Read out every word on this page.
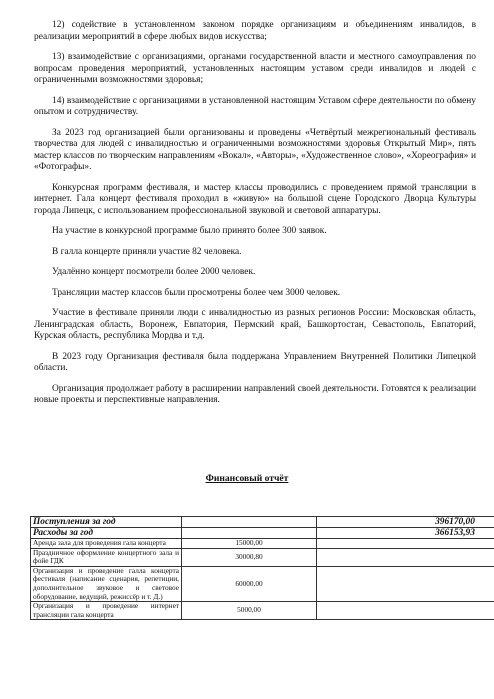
12) содействие в установленном законом порядке организациям и объединениям инвалидов, в реализации мероприятий в сфере любых видов искусства;

13) взаимодействие с организациями, органами государственной власти и местного самоуправления по вопросам проведения мероприятий, установленных настоящим уставом среди инвалидов и людей с ограниченными возможностями здоровья;

14) взаимодействие с организациями в установленной настоящим Уставом сфере деятельности по обмену опытом и сотрудничеству.

За 2023 год организацией были организованы и проведены «Четвёртый межрегиональный фестиваль творчества для людей с инвалидностью и ограниченными возможностями здоровья Открытый Мир», пять мастер классов по творческим направлениям «Вокал», «Авторы», «Художественное слово», «Хореография» и «Фотографы».

Конкурсная программ фестиваля, и мастер классы проводились с проведением прямой трансляции в интернет. Гала концерт фестиваля проходил в «живую» на большой сцене Городского Дворца Культуры города Липецк, с использованием профессиональной звуковой и световой аппаратуры.

На участие в конкурсной программе было принято более 300 заявок.

В галла концерте приняли участие 82 человека.

Удалённо концерт посмотрели более 2000 человек.

Трансляции мастер классов были просмотрены более чем 3000 человек.

Участие в фестивале приняли люди с инвалидностью из разных регионов России: Московская область, Ленинградская область, Воронеж, Евпатория, Пермский край, Башкортостан, Севастополь, Евпаторий, Курская область, республика Мордва и т.д.

В 2023 году Организация фестиваля была поддержана Управлением Внутренней Политики Липецкой области.

Организация продолжает работу в расширении направлений своей деятельности. Готовятся к реализации новые проекты и перспективные направления.

Финансовый отчёт
Поступления за год		396170,00
Расходы за год		366153,93
Аренда зала для проведения гала концерта	15000,00	
Праздничное оформление концертного зала и фойе ГДК	30000,80	
Организация и проведение галла концерта фестиваля (написание сценария, репетиции, дополнительное звуковое и световое оборудование, ведущий, режиссёр и т. Д.)	60000,00	
Организация и проведение интернет трансляции гала концерта	5000,00	
